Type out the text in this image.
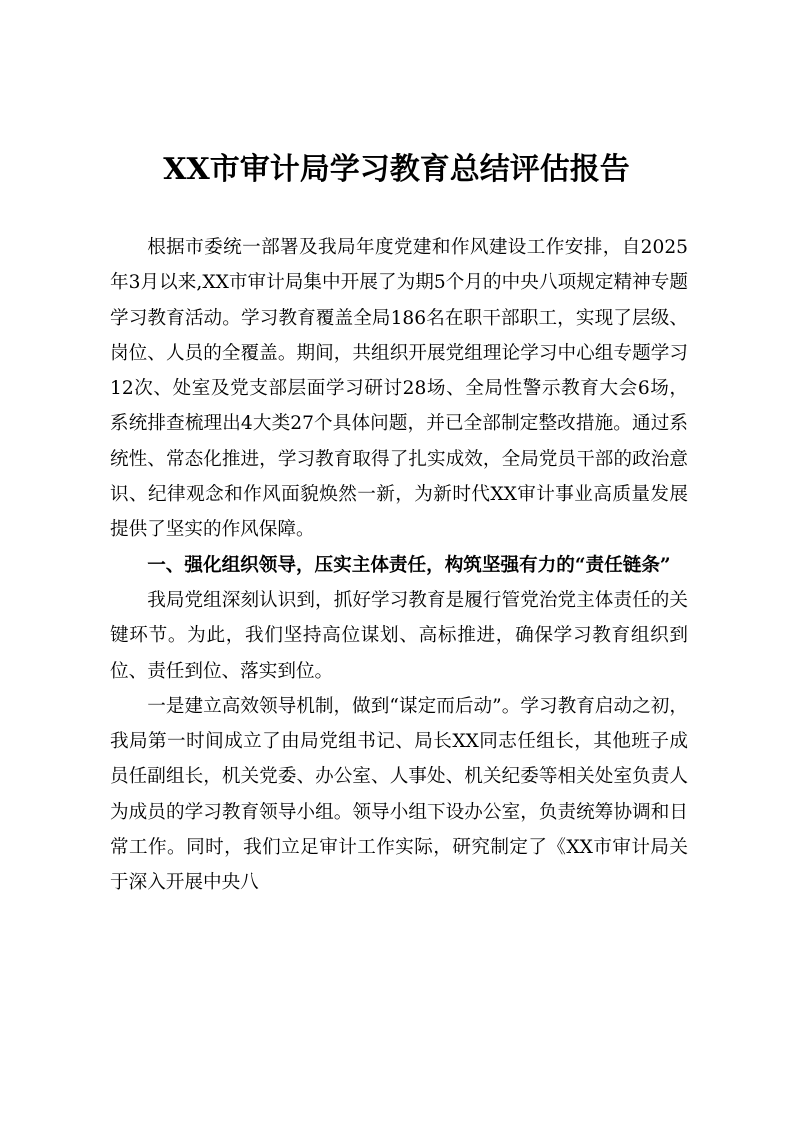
XX市审计局学习教育总结评估报告

根据市委统一部署及我局年度党建和作风建设工作安排，自2025年3月以来,XX市审计局集中开展了为期5个月的中央八项规定精神专题学习教育活动。学习教育覆盖全局186名在职干部职工，实现了层级、岗位、人员的全覆盖。期间，共组织开展党组理论学习中心组专题学习12次、处室及党支部层面学习研讨28场、全局性警示教育大会6场，系统排查梳理出4大类27个具体问题，并已全部制定整改措施。通过系统性、常态化推进，学习教育取得了扎实成效，全局党员干部的政治意识、纪律观念和作风面貌焕然一新，为新时代XX审计事业高质量发展提供了坚实的作风保障。

一、强化组织领导，压实主体责任，构筑坚强有力的“责任链条”

我局党组深刻认识到，抓好学习教育是履行管党治党主体责任的关键环节。为此，我们坚持高位谋划、高标推进，确保学习教育组织到位、责任到位、落实到位。

一是建立高效领导机制，做到“谋定而后动”。学习教育启动之初，我局第一时间成立了由局党组书记、局长XX同志任组长，其他班子成员任副组长，机关党委、办公室、人事处、机关纪委等相关处室负责人为成员的学习教育领导小组。领导小组下设办公室，负责统筹协调和日常工作。同时，我们立足审计工作实际，研究制定了《XX市审计局关于深入开展中央八
